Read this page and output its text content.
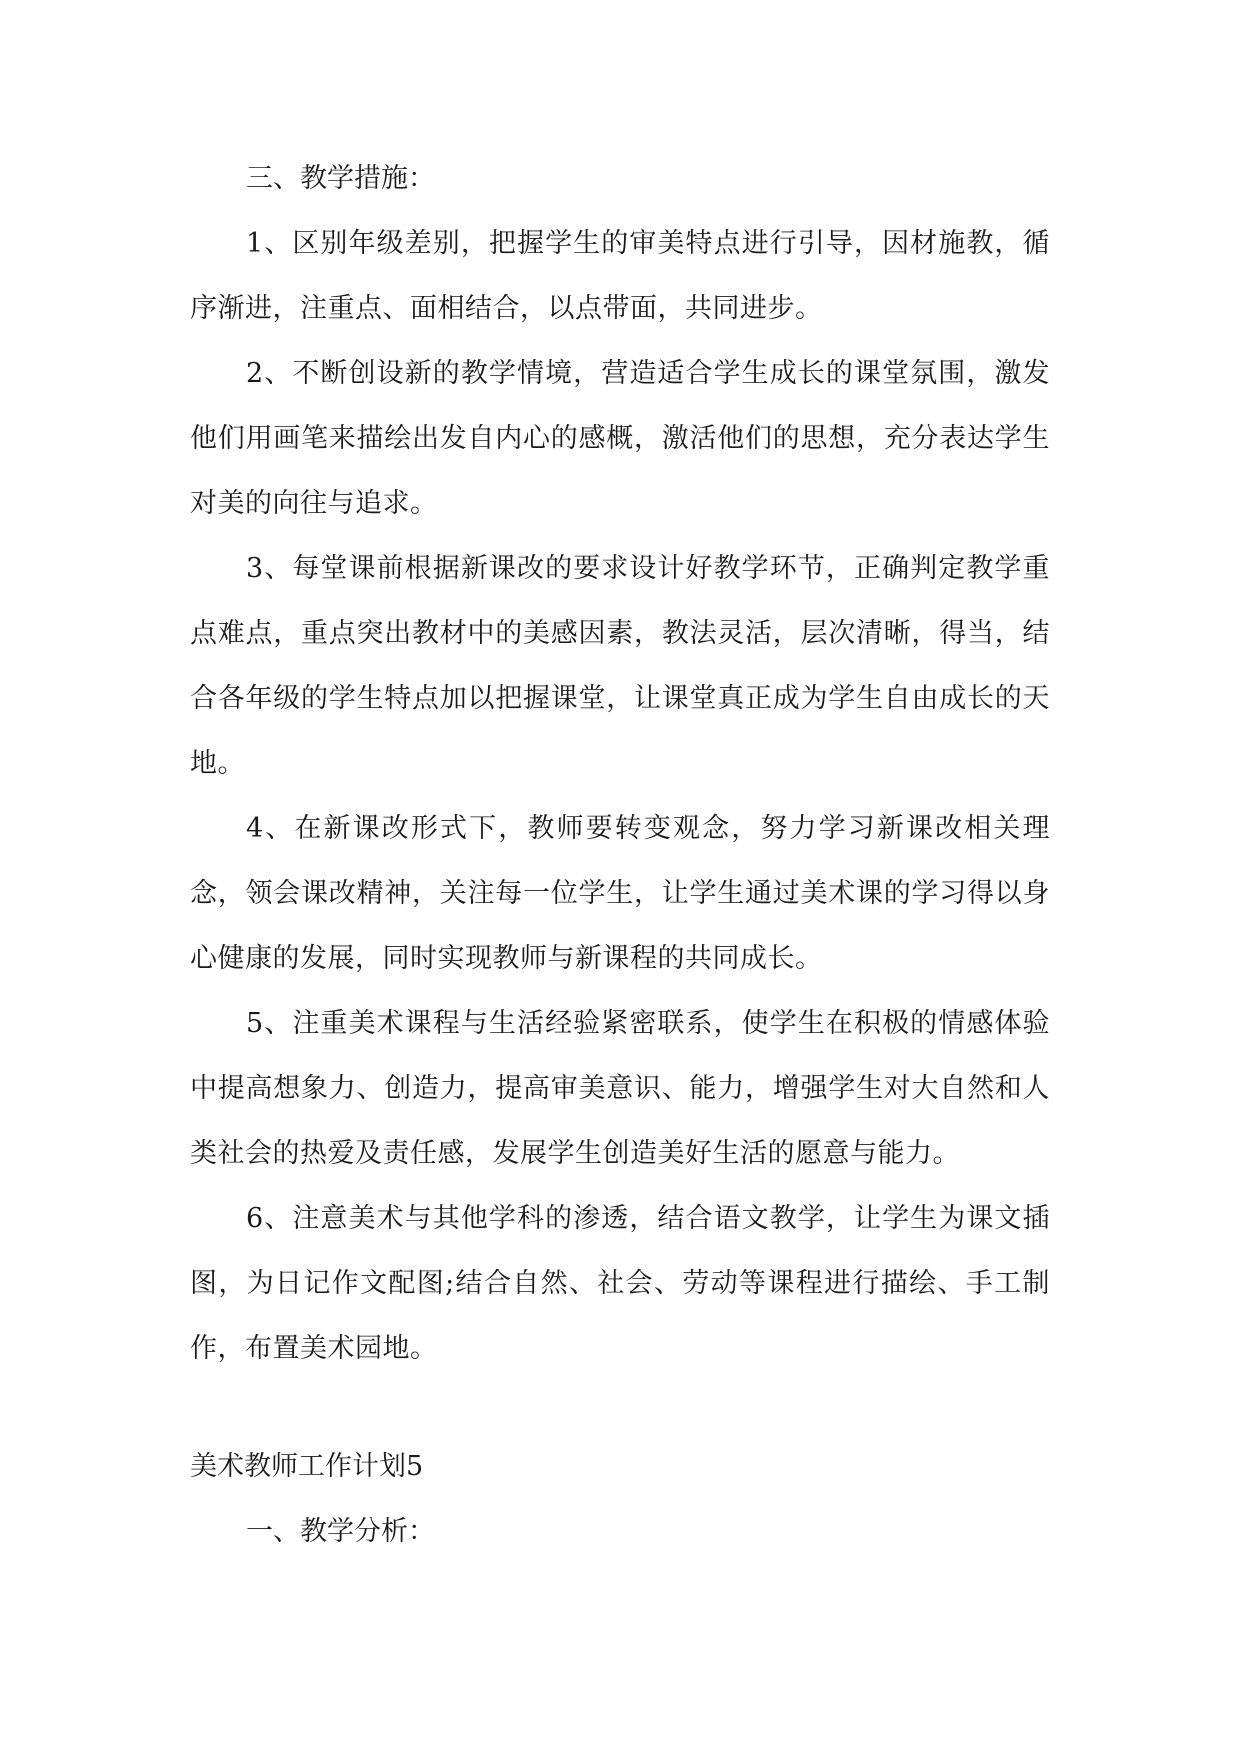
三、教学措施：

1、区别年级差别，把握学生的审美特点进行引导，因材施教，循序渐进，注重点、面相结合，以点带面，共同进步。

2、不断创设新的教学情境，营造适合学生成长的课堂氛围，激发他们用画笔来描绘出发自内心的感概，激活他们的思想，充分表达学生对美的向往与追求。

3、每堂课前根据新课改的要求设计好教学环节，正确判定教学重点难点，重点突出教材中的美感因素，教法灵活，层次清晰，得当，结合各年级的学生特点加以把握课堂，让课堂真正成为学生自由成长的天地。

4、在新课改形式下，教师要转变观念，努力学习新课改相关理念，领会课改精神，关注每一位学生，让学生通过美术课的学习得以身心健康的发展，同时实现教师与新课程的共同成长。

5、注重美术课程与生活经验紧密联系，使学生在积极的情感体验中提高想象力、创造力，提高审美意识、能力，增强学生对大自然和人类社会的热爱及责任感，发展学生创造美好生活的愿意与能力。

6、注意美术与其他学科的渗透，结合语文教学，让学生为课文插图，为日记作文配图;结合自然、社会、劳动等课程进行描绘、手工制作，布置美术园地。

美术教师工作计划5

一、教学分析：
